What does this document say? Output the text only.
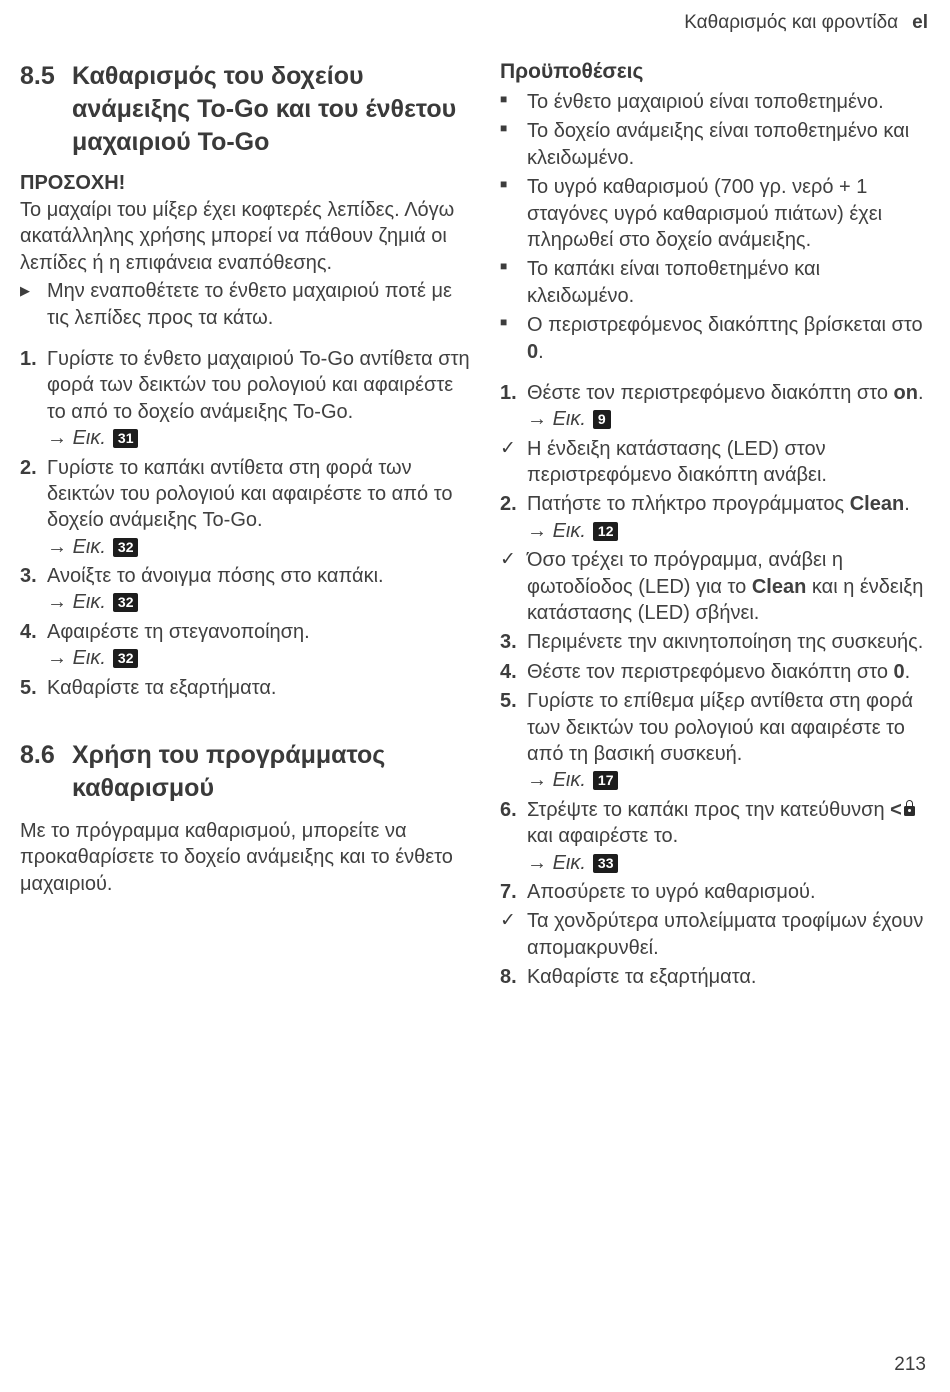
Καθαρισμός και φροντίδα el
8.5 Καθαρισμός του δοχείου ανάμειξης To-Go και του ένθετου μαχαιριού To-Go
ΠΡΟΣΟΧΗ!

Το μαχαίρι του μίξερ έχει κοφτερές λεπίδες. Λόγω ακατάλληλης χρήσης μπορεί να πάθουν ζημιά οι λεπίδες ή η επιφάνεια εναπόθεσης.

▶ Μην εναποθέτετε το ένθετο μαχαιριού ποτέ με τις λεπίδες προς τα κάτω.
1. Γυρίστε το ένθετο μαχαιριού To-Go αντίθετα στη φορά των δεικτών του ρολογιού και αφαιρέστε το από το δοχείο ανάμειξης To-Go.
→ Εικ. 31
2. Γυρίστε το καπάκι αντίθετα στη φορά των δεικτών του ρολογιού και αφαιρέστε το από το δοχείο ανάμειξης To-Go.
→ Εικ. 32
3. Ανοίξτε το άνοιγμα πόσης στο καπάκι.
→ Εικ. 32
4. Αφαιρέστε τη στεγανοποίηση.
→ Εικ. 32
5. Καθαρίστε τα εξαρτήματα.
8.6 Χρήση του προγράμματος καθαρισμού

Με το πρόγραμμα καθαρισμού, μπορείτε να προκαθαρίσετε το δοχείο ανάμειξης και το ένθετο μαχαιριού.

Προϋποθέσεις
■ Το ένθετο μαχαιριού είναι τοποθετημένο.
■ Το δοχείο ανάμειξης είναι τοποθετημένο και κλειδωμένο.
■ Το υγρό καθαρισμού (700 γρ. νερό + 1 σταγόνες υγρό καθαρισμού πιάτων) έχει πληρωθεί στο δοχείο ανάμειξης.
■ Το καπάκι είναι τοποθετημένο και κλειδωμένο.
■ Ο περιστρεφόμενος διακόπτης βρίσκεται στο 0.
1. Θέστε τον περιστρεφόμενο διακόπτη στο on.
→ Εικ. 9
✓ Η ένδειξη κατάστασης (LED) στον περιστρεφόμενο διακόπτη ανάβει.
2. Πατήστε το πλήκτρο προγράμματος Clean.
→ Εικ. 12
✓ Όσο τρέχει το πρόγραμμα, ανάβει η φωτοδίοδος (LED) για το Clean και η ένδειξη κατάστασης (LED) σβήνει.
3. Περιμένετε την ακινητοποίηση της συσκευής.
4. Θέστε τον περιστρεφόμενο διακόπτη στο 0.
5. Γυρίστε το επίθεμα μίξερ αντίθετα στη φορά των δεικτών του ρολογιού και αφαιρέστε το από τη βασική συσκευή.
→ Εικ. 17
6. Στρέψτε το καπάκι προς την κατεύθυνση < και αφαιρέστε το.
→ Εικ. 33
7. Αποσύρετε το υγρό καθαρισμού.
✓ Τα χονδρύτερα υπολείμματα τροφίμων έχουν απομακρυνθεί.
8. Καθαρίστε τα εξαρτήματα.
213
